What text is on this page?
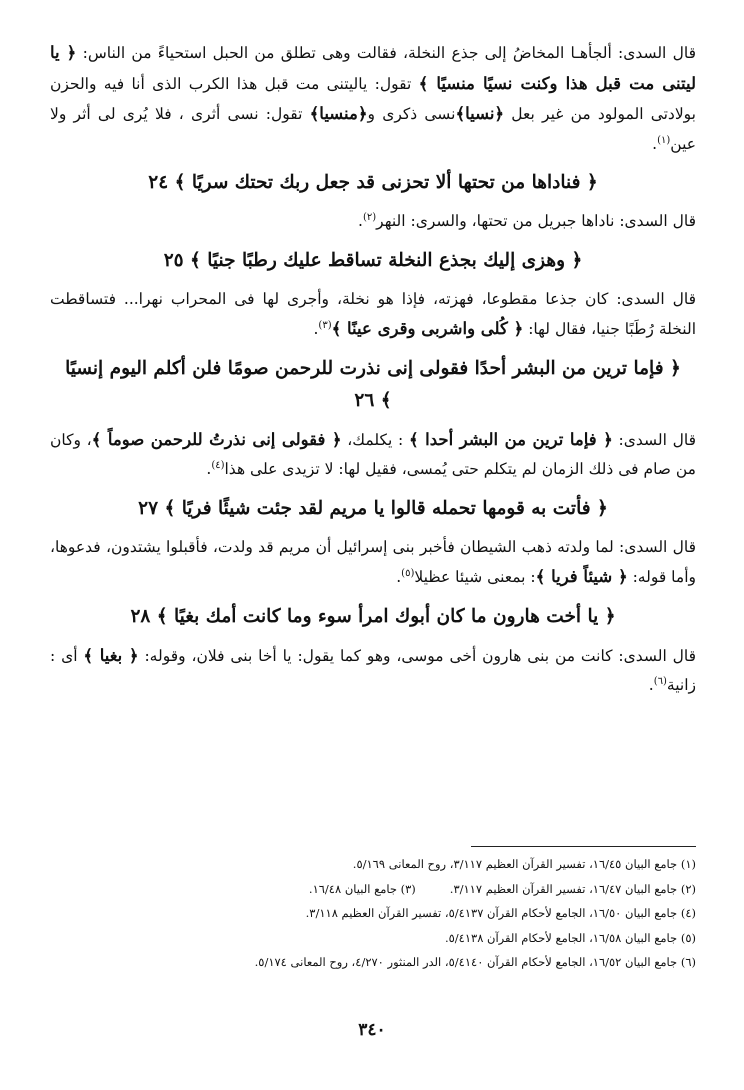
قال السدى: ألجأهـا المخاضُ إلى جذع النخلة، فقالت وهى تطلق من الحبل استحياءً من الناس: ﴿ يا ليتنى مت قبل هذا وكنت نسيًا منسيًا ﴾ تقول: ياليتنى مت قبل هذا الكرب الذى أنا فيه والحزن بولادتى المولود من غير بعل ﴿نسيا﴾نسى ذكرى و﴿منسيا﴾ تقول: نسى أثرى ، فلا يُرى لى أثر ولا عين$^{(١)}$.

﴿ فناداها من تحتها ألا تحزنى قد جعل ربك تحتك سريًا ﴾ ٢٤

قال السدى: ناداها جبريل من تحتها، والسرى: النهر$^{(٢)}$.

﴿ وهزى إليك بجذع النخلة تساقط عليك رطبًا جنيًا ﴾ ٢٥

قال السدى: كان جذعا مقطوعا، فهزته، فإذا هو نخلة، وأجرى لها فى المحراب نهرا... فتساقطت النخلة رُطَبًا جنيا، فقال لها: ﴿ كُلى واشربى وقرى عينًا ﴾$^{(٣)}$.

﴿ فإما ترين من البشر أحدًا فقولى إنى نذرت للرحمن صومًا فلن أكلم اليوم إنسيًا ﴾ ٢٦

قال السدى: ﴿ فإما ترين من البشر أحدا ﴾ : يكلمك، ﴿ فقولى إنى نذرتُ للرحمن صوماً ﴾، وكان من صام فى ذلك الزمان لم يتكلم حتى يُمسى، فقيل لها: لا تزيدى على هذا$^{(٤)}$.

﴿ فأتت به قومها تحمله قالوا يا مريم لقد جئت شيئًا فريًا ﴾ ٢٧

قال السدى: لما ولدته ذهب الشيطان فأخبر بنى إسرائيل أن مريم قد ولدت، فأقبلوا يشتدون، فدعوها، وأما قوله: ﴿ شيئاً فريا ﴾: بمعنى شيئا عظيلا$^{(٥)}$.

﴿ يا أخت هارون ما كان أبوك امرأ سوء وما كانت أمك بغيًا ﴾ ٢٨

قال السدى: كانت من بنى هارون أخى موسى، وهو كما يقول: يا أخا بنى فلان، وقوله: ﴿ بغيا ﴾ أى : زانية$^{(٦)}$.

(١) جامع البيان ١٦/٤٥، تفسير القرآن العظيم ٣/١١٧، روح المعانى ٥/١٦٩.
(٢) جامع البيان ١٦/٤٧، تفسير القرآن العظيم ٣/١١٧.(٣) جامع البيان ١٦/٤٨.
(٤) جامع البيان ١٦/٥٠، الجامع لأحكام القرآن ٥/٤١٣٧، تفسير القرآن العظيم ٣/١١٨.
(٥) جامع البيان ١٦/٥٨، الجامع لأحكام القرآن ٥/٤١٣٨.
(٦) جامع البيان ١٦/٥٢، الجامع لأحكام القرآن ٥/٤١٤٠، الدر المنثور ٤/٢٧٠، روح المعانى ٥/١٧٤.
٣٤٠
